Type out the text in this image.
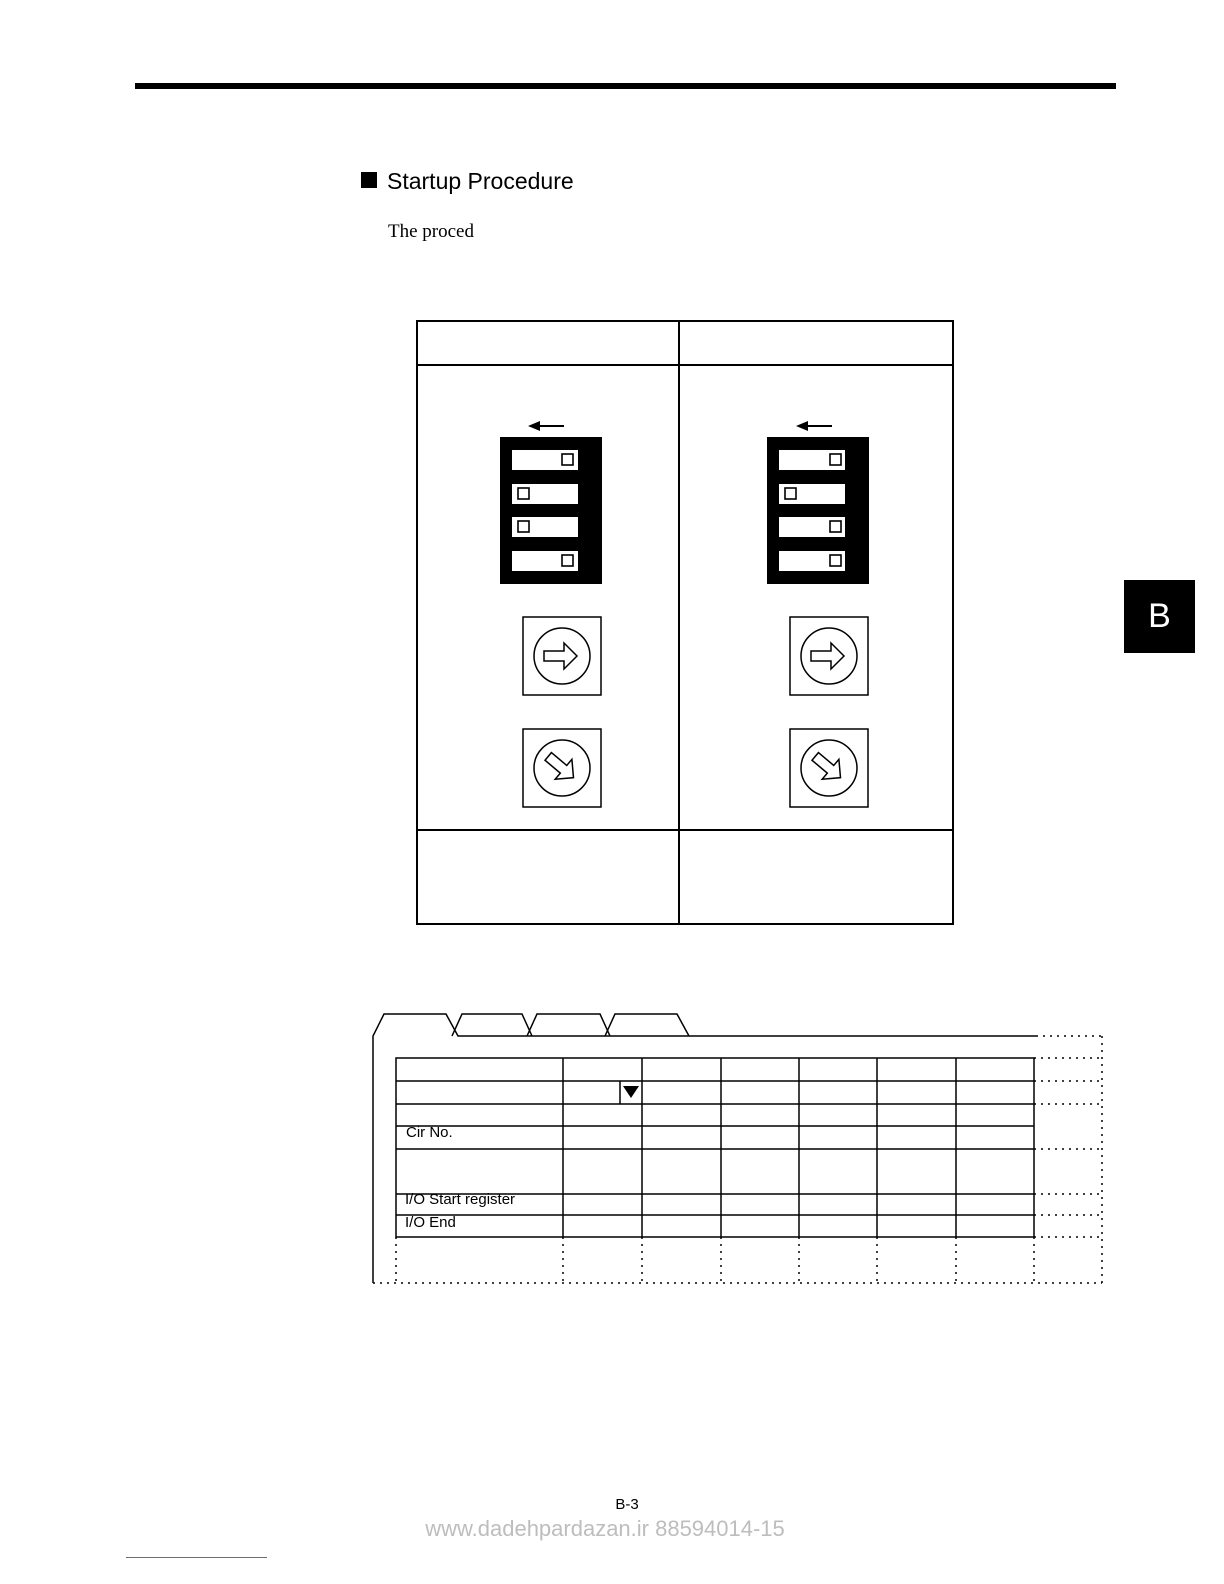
Startup Procedure
The proced
B
Cir No.
I/O Start register
I/O End
B-3
www.dadehpardazan.ir 88594014-15
